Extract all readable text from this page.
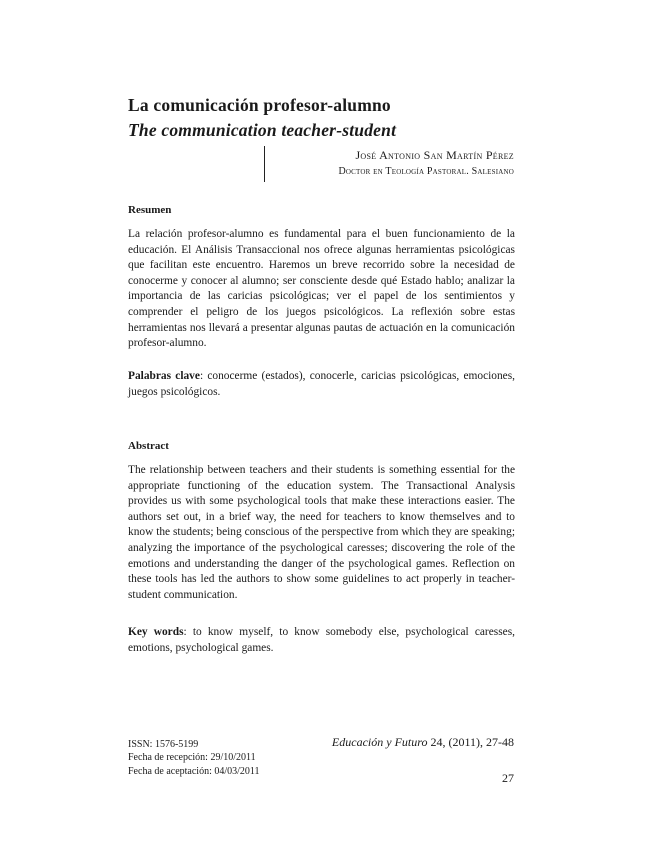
La comunicación profesor-alumno
The communication teacher-student
José Antonio San Martín Pérez
Doctor en Teología Pastoral. Salesiano
Resumen
La relación profesor-alumno es fundamental para el buen funcionamiento de la educación. El Análisis Transaccional nos ofrece algunas herramientas psicológicas que facilitan este encuentro. Haremos un breve recorrido sobre la necesidad de conocerme y conocer al alumno; ser consciente desde qué Estado hablo; analizar la importancia de las caricias psicológicas; ver el papel de los sentimientos y comprender el peligro de los juegos psicológicos. La reflexión sobre estas herramientas nos llevará a presentar algunas pautas de actuación en la comunicación profesor-alumno.
Palabras clave: conocerme (estados), conocerle, caricias psicológicas, emociones, juegos psicológicos.
Abstract
The relationship between teachers and their students is something essential for the appropriate functioning of the education system. The Transactional Analysis provides us with some psychological tools that make these interactions easier. The authors set out, in a brief way, the need for teachers to know themselves and to know the students; being conscious of the perspective from which they are speaking; analyzing the importance of the psychological caresses; discovering the role of the emotions and understanding the danger of the psychological games. Reflection on these tools has led the authors to show some guidelines to act properly in teacher-student communication.
Key words: to know myself, to know somebody else, psychological caresses, emotions, psychological games.
ISSN: 1576-5199
Fecha de recepción: 29/10/2011
Fecha de aceptación: 04/03/2011
Educación y Futuro 24, (2011), 27-48
27
